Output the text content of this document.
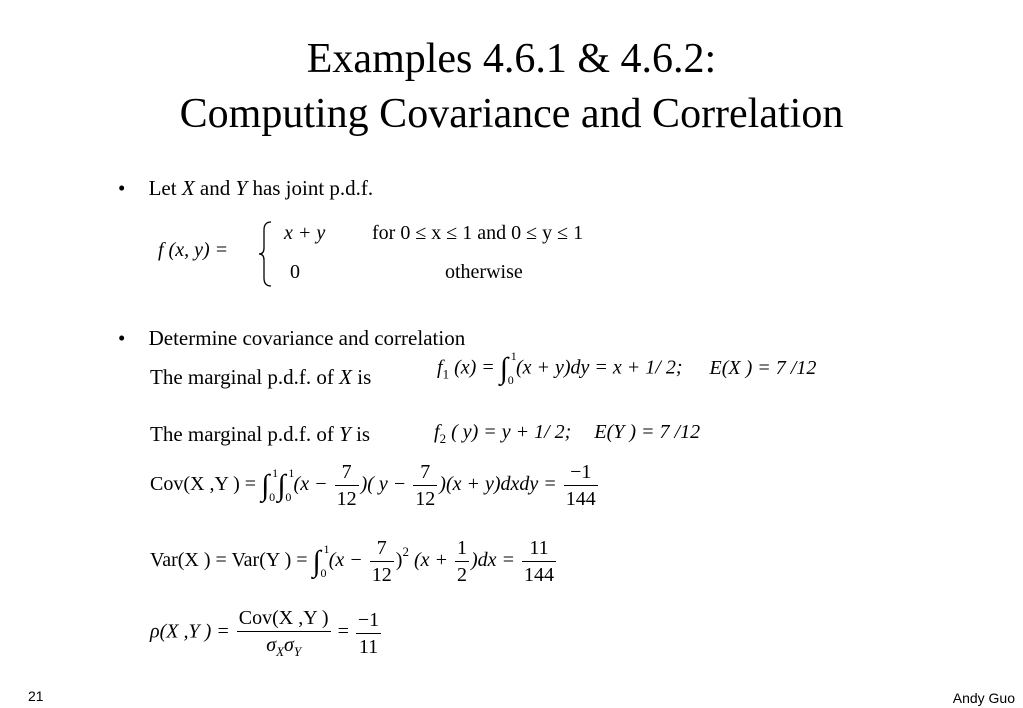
Examples 4.6.1 & 4.6.2:
Computing Covariance and Correlation
• Let X and Y has joint p.d.f.
f (x, y) =
x + y for 0 ≤ x ≤ 1 and 0 ≤ y ≤ 1
0	otherwise
• Determine covariance and correlation
The marginal p.d.f. of X is	$f_1$ (x) = ∫ 1
0
(x + y)dy = x + 1/ 2; E(X ) = 7 /12
The marginal p.d.f. of Y is	$f_2$ ( y) = y + 1/ 2; E(Y ) = 7 /12
Cov(X ,Y ) = ∫ 1
0 ∫ 1
0
($x - \frac{7}{12}$ )( $y - \frac{7}{12} )(x$ + y)dxdy = $\frac{-1}{144}$
Var(X ) = Var(Y ) = ∫ 1
0
$(x - \frac{7}{12} )^2$ $(x + \frac{1}{2} )dx = \frac{11}{144}$
ρ(X ,Y ) = $\frac{\text{Cov(X ,Y )}}{\sigma_X\sigma_Y} = \frac{-1}{11}$
21	Andy Guo
